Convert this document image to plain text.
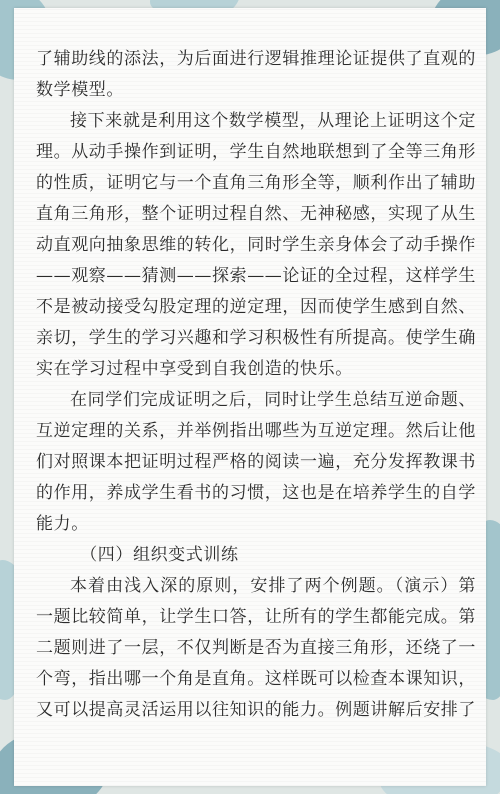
了辅助线的添法，为后面进行逻辑推理论证提供了直观的数学模型。

接下来就是利用这个数学模型，从理论上证明这个定理。从动手操作到证明，学生自然地联想到了全等三角形的性质，证明它与一个直角三角形全等，顺利作出了辅助直角三角形，整个证明过程自然、无神秘感，实现了从生动直观向抽象思维的转化，同时学生亲身体会了动手操作——观察——猜测——探索——论证的全过程，这样学生不是被动接受勾股定理的逆定理，因而使学生感到自然、亲切，学生的学习兴趣和学习积极性有所提高。使学生确实在学习过程中享受到自我创造的快乐。

在同学们完成证明之后，同时让学生总结互逆命题、互逆定理的关系，并举例指出哪些为互逆定理。然后让他们对照课本把证明过程严格的阅读一遍，充分发挥教课书的作用，养成学生看书的习惯，这也是在培养学生的自学能力。

（四）组织变式训练

本着由浅入深的原则，安排了两个例题。（演示）第一题比较简单，让学生口答，让所有的学生都能完成。第二题则进了一层，不仅判断是否为直接三角形，还绕了一个弯，指出哪一个角是直角。这样既可以检查本课知识，又可以提高灵活运用以往知识的能力。例题讲解后安排了
